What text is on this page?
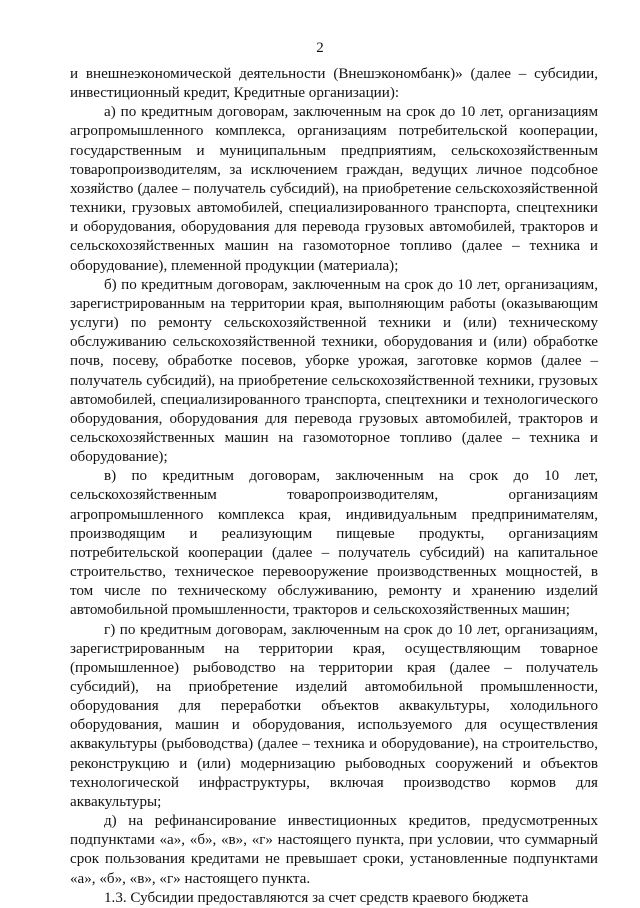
2

и внешнеэкономической деятельности (Внешэкономбанк)» (далее – субсидии, инвестиционный кредит, Кредитные организации):

а) по кредитным договорам, заключенным на срок до 10 лет, организациям агропромышленного комплекса, организациям потребительской кооперации, государственным и муниципальным предприятиям, сельскохозяйственным товаропроизводителям, за исключением граждан, ведущих личное подсобное хозяйство (далее – получатель субсидий), на приобретение сельскохозяйственной техники, грузовых автомобилей, специализированного транспорта, спецтехники и оборудования, оборудования для перевода грузовых автомобилей, тракторов и сельскохозяйственных машин на газомоторное топливо (далее – техника и оборудование), племенной продукции (материала);

б) по кредитным договорам, заключенным на срок до 10 лет, организациям, зарегистрированным на территории края, выполняющим работы (оказывающим услуги) по ремонту сельскохозяйственной техники и (или) техническому обслуживанию сельскохозяйственной техники, оборудования и (или) обработке почв, посеву, обработке посевов, уборке урожая, заготовке кормов (далее – получатель субсидий), на приобретение сельскохозяйственной техники, грузовых автомобилей, специализированного транспорта, спецтехники и технологического оборудования, оборудования для перевода грузовых автомобилей, тракторов и сельскохозяйственных машин на газомоторное топливо (далее – техника и оборудование);

в) по кредитным договорам, заключенным на срок до 10 лет, сельскохозяйственным товаропроизводителям, организациям агропромышленного комплекса края, индивидуальным предпринимателям, производящим и реализующим пищевые продукты, организациям потребительской кооперации (далее – получатель субсидий) на капитальное строительство, техническое перевооружение производственных мощностей, в том числе по техническому обслуживанию, ремонту и хранению изделий автомобильной промышленности, тракторов и сельскохозяйственных машин;

г) по кредитным договорам, заключенным на срок до 10 лет, организациям, зарегистрированным на территории края, осуществляющим товарное (промышленное) рыбоводство на территории края (далее – получатель субсидий), на приобретение изделий автомобильной промышленности, оборудования для переработки объектов аквакультуры, холодильного оборудования, машин и оборудования, используемого для осуществления аквакультуры (рыбоводства) (далее – техника и оборудование), на строительство, реконструкцию и (или) модернизацию рыбоводных сооружений и объектов технологической инфраструктуры, включая производство кормов для аквакультуры;

д) на рефинансирование инвестиционных кредитов, предусмотренных подпунктами «а», «б», «в», «г» настоящего пункта, при условии, что суммарный срок пользования кредитами не превышает сроки, установленные подпунктами «а», «б», «в», «г» настоящего пункта.

1.3. Субсидии предоставляются за счет средств краевого бюджета
